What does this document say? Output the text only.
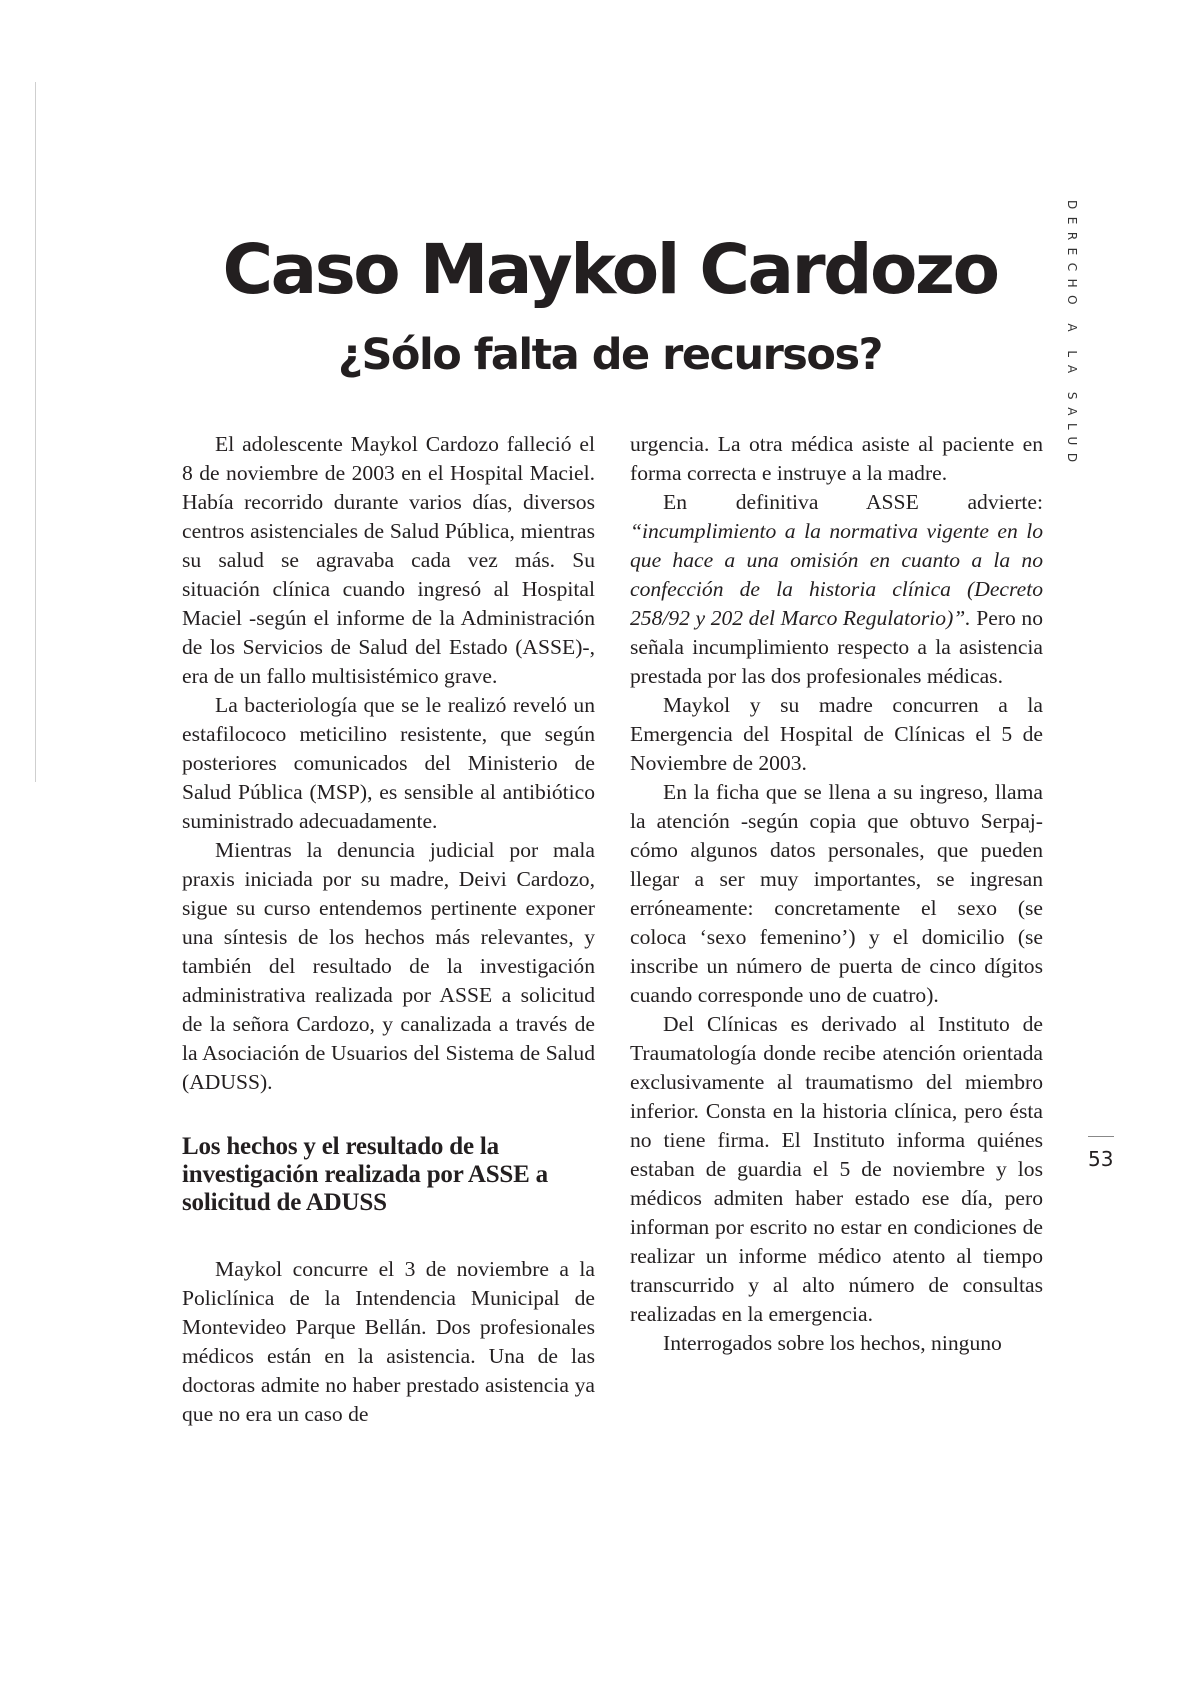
DERECHO A LA SALUD
Caso Maykol Cardozo
¿Sólo falta de recursos?

El adolescente Maykol Cardozo falleció el 8 de noviembre de 2003 en el Hospital Maciel. Había recorrido durante varios días, diversos centros asistenciales de Salud Pública, mientras su salud se agravaba cada vez más. Su situación clínica cuando ingresó al Hospital Maciel -según el informe de la Administración de los Servicios de Salud del Estado (ASSE)-, era de un fallo multisistémico grave.

La bacteriología que se le realizó reveló un estafilococo meticilino resistente, que según posteriores comunicados del Ministerio de Salud Pública (MSP), es sensible al antibiótico suministrado adecuadamente.

Mientras la denuncia judicial por mala praxis iniciada por su madre, Deivi Cardozo, sigue su curso entendemos pertinente exponer una síntesis de los hechos más relevantes, y también del resultado de la investigación administrativa realizada por ASSE a solicitud de la señora Cardozo, y canalizada a través de la Asociación de Usuarios del Sistema de Salud (ADUSS).

Los hechos y el resultado de la investigación realizada por ASSE a solicitud de ADUSS

Maykol concurre el 3 de noviembre a la Policlínica de la Intendencia Municipal de Montevideo Parque Bellán. Dos profesionales médicos están en la asistencia. Una de las doctoras admite no haber prestado asistencia ya que no era un caso de

urgencia. La otra médica asiste al paciente en forma correcta e instruye a la madre.

En definitiva ASSE advierte: “incumplimiento a la normativa vigente en lo que hace a una omisión en cuanto a la no confección de la historia clínica (Decreto 258/92 y 202 del Marco Regulatorio)”. Pero no señala incumplimiento respecto a la asistencia prestada por las dos profesionales médicas.

Maykol y su madre concurren a la Emergencia del Hospital de Clínicas el 5 de Noviembre de 2003.

En la ficha que se llena a su ingreso, llama la atención -según copia que obtuvo Serpaj- cómo algunos datos personales, que pueden llegar a ser muy importantes, se ingresan erróneamente: concretamente el sexo (se coloca ‘sexo femenino’) y el domicilio (se inscribe un número de puerta de cinco dígitos cuando corresponde uno de cuatro).

Del Clínicas es derivado al Instituto de Traumatología donde recibe atención orientada exclusivamente al traumatismo del miembro inferior. Consta en la historia clínica, pero ésta no tiene firma. El Instituto informa quiénes estaban de guardia el 5 de noviembre y los médicos admiten haber estado ese día, pero informan por escrito no estar en condiciones de realizar un informe médico atento al tiempo transcurrido y al alto número de consultas realizadas en la emergencia.

Interrogados sobre los hechos, ninguno

53
